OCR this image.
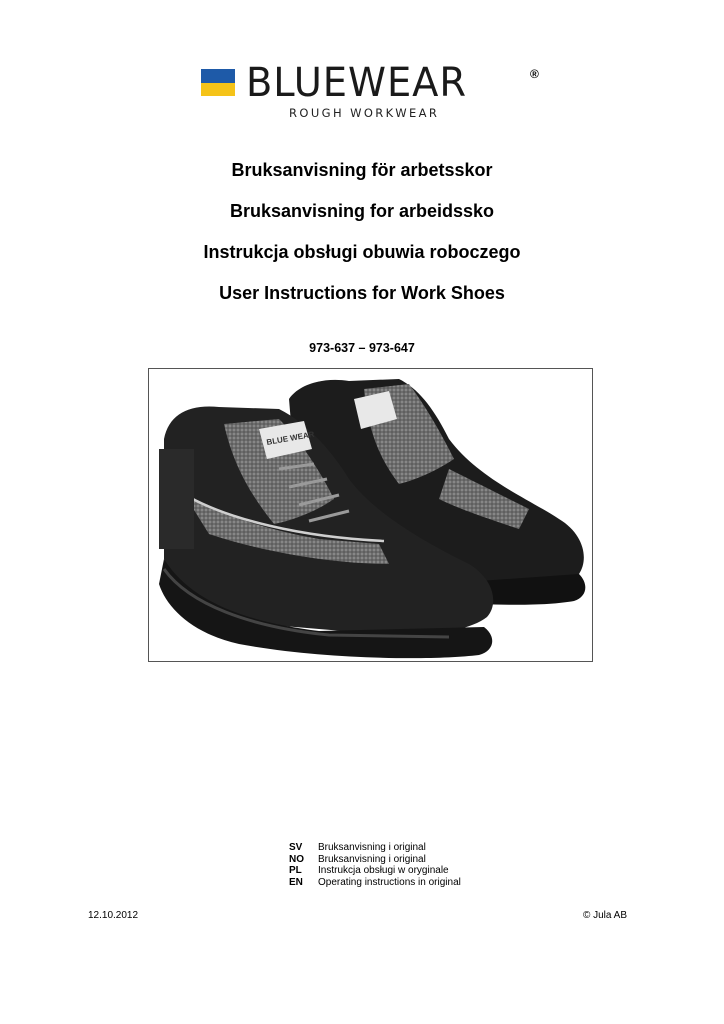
BLUEWEAR	®
ROUGH WORKWEAR
Bruksanvisning för arbetsskor
Bruksanvisning for arbeidssko
Instrukcja obsługi obuwia roboczego
User Instructions for Work Shoes
973-637 – 973-647
BLUE WEAR
SV	Bruksanvisning i original
NO	Bruksanvisning i original
PL	Instrukcja obsługi w oryginale
EN	Operating instructions in original
12.10.2012	© Jula AB
